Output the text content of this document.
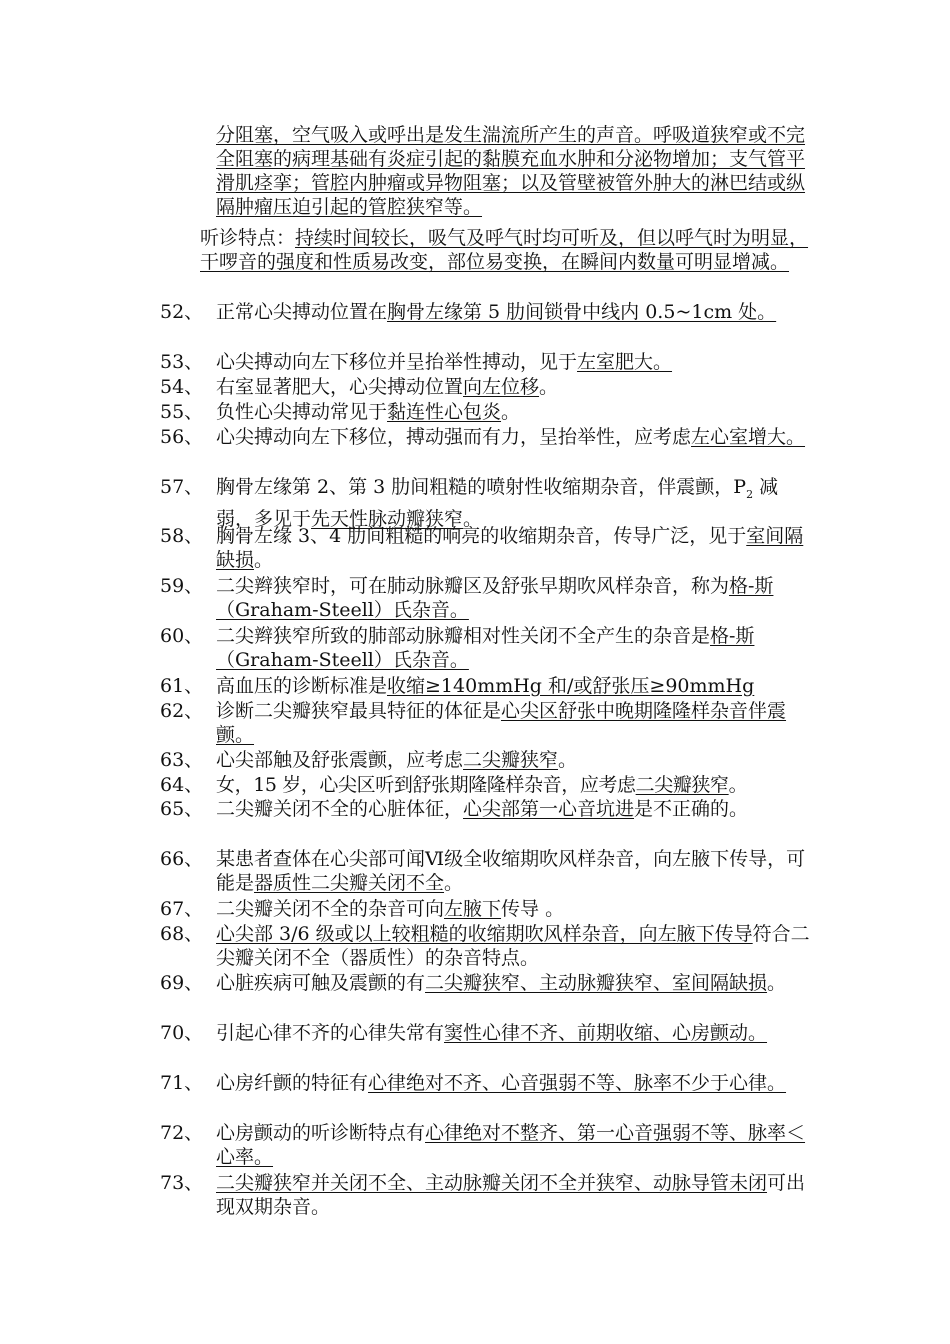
分阻塞，空气吸入或呼出是发生湍流所产生的声音。呼吸道狭窄或不完全阻塞的病理基础有炎症引起的黏膜充血水肿和分泌物增加；支气管平滑肌痉挛；管腔内肿瘤或异物阻塞；以及管壁被管外肿大的淋巴结或纵隔肿瘤压迫引起的管腔狭窄等。
听诊特点：持续时间较长，吸气及呼气时均可听及，但以呼气时为明显，干啰音的强度和性质易改变，部位易变换，在瞬间内数量可明显增减。
52、 正常心尖搏动位置在胸骨左缘第 5 肋间锁骨中线内 0.5~1cm 处。
53、 心尖搏动向左下移位并呈抬举性搏动，见于左室肥大。
54、 右室显著肥大，心尖搏动位置向左位移。
55、 负性心尖搏动常见于黏连性心包炎。
56、 心尖搏动向左下移位，搏动强而有力，呈抬举性，应考虑左心室增大。
57、 胸骨左缘第 2、第 3 肋间粗糙的喷射性收缩期杂音，伴震颤，$P_2$ 减弱，多见于先天性脉动瓣狭窄。
58、 胸骨左缘 3、4 肋间粗糙的响亮的收缩期杂音，传导广泛，见于室间隔缺损。
59、 二尖辫狭窄时，可在肺动脉瓣区及舒张早期吹风样杂音，称为格-斯（Graham-Steell）氏杂音。
60、 二尖辫狭窄所致的肺部动脉瓣相对性关闭不全产生的杂音是格-斯（Graham-Steell）氏杂音。
61、 高血压的诊断标准是收缩≥140mmHg 和/或舒张压≥90mmHg
62、 诊断二尖瓣狭窄最具特征的体征是心尖区舒张中晚期隆隆样杂音伴震颤。
63、 心尖部触及舒张震颤，应考虑二尖瓣狭窄。
64、 女，15 岁，心尖区听到舒张期隆隆样杂音，应考虑二尖瓣狭窄。
65、 二尖瓣关闭不全的心脏体征，心尖部第一心音坑进是不正确的。
66、 某患者查体在心尖部可闻Ⅵ级全收缩期吹风样杂音，向左腋下传导，可能是器质性二尖瓣关闭不全。
67、 二尖瓣关闭不全的杂音可向左腋下传导 。
68、 心尖部 3/6 级或以上较粗糙的收缩期吹风样杂音，向左腋下传导符合二尖瓣关闭不全（器质性）的杂音特点。
69、 心脏疾病可触及震颤的有二尖瓣狭窄、主动脉瓣狭窄、室间隔缺损。
70、 引起心律不齐的心律失常有窦性心律不齐、前期收缩、心房颤动。
71、 心房纤颤的特征有心律绝对不齐、心音强弱不等、脉率不少于心律。
72、 心房颤动的听诊断特点有心律绝对不整齐、第一心音强弱不等、脉率＜心率。
73、 二尖瓣狭窄并关闭不全、主动脉瓣关闭不全并狭窄、动脉导管未闭可出现双期杂音。
